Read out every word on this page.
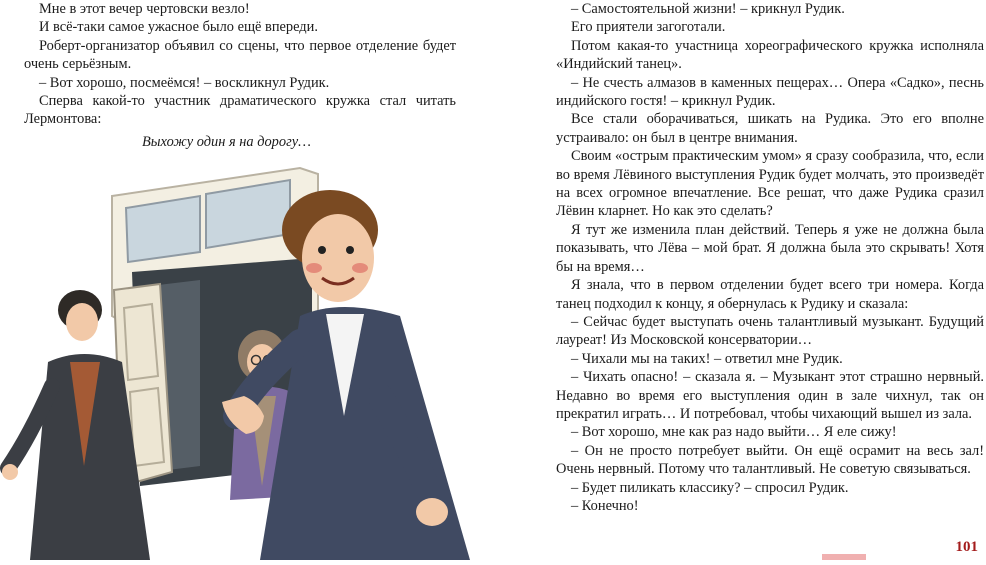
Мне в этот вечер чертовски везло!

И всё-таки самое ужасное было ещё впереди.

Роберт-организатор объявил со сцены, что первое отделение будет очень серьёзным.

– Вот хорошо, посмеёмся! – воскликнул Рудик.

Сперва какой-то участник драматического кружка стал читать Лермонтова:

Выхожу один я на дорогу…

– Самостоятельной жизни! – крикнул Рудик.

Его приятели загоготали.

Потом какая-то участница хореографического кружка исполняла «Индийский танец».

– Не счесть алмазов в каменных пещерах… Опера «Садко», песнь индийского гостя! – крикнул Рудик.

Все стали оборачиваться, шикать на Рудика. Это его вполне устраивало: он был в центре внимания.

Своим «острым практическим умом» я сразу сообразила, что, если во время Лёвиного выступления Рудик будет молчать, это произведёт на всех огромное впечатление. Все решат, что даже Рудика сразил Лёвин кларнет. Но как это сделать?

Я тут же изменила план действий. Теперь я уже не должна была показывать, что Лёва – мой брат. Я должна была это скрывать! Хотя бы на время…

Я знала, что в первом отделении будет всего три номера. Когда танец подходил к концу, я обернулась к Рудику и сказала:

– Сейчас будет выступать очень талантливый музыкант. Будущий лауреат! Из Московской консерватории…

– Чихали мы на таких! – ответил мне Рудик.

– Чихать опасно! – сказала я. – Музыкант этот страшно нервный. Недавно во время его выступления один в зале чихнул, так он прекратил играть… И потребовал, чтобы чихающий вышел из зала.

– Вот хорошо, мне как раз надо выйти… Я еле сижу!

– Он не просто потребует выйти. Он ещё осрамит на весь зал! Очень нервный. Потому что талантливый. Не советую связываться.

– Будет пиликать классику? – спросил Рудик.

– Конечно!

101
